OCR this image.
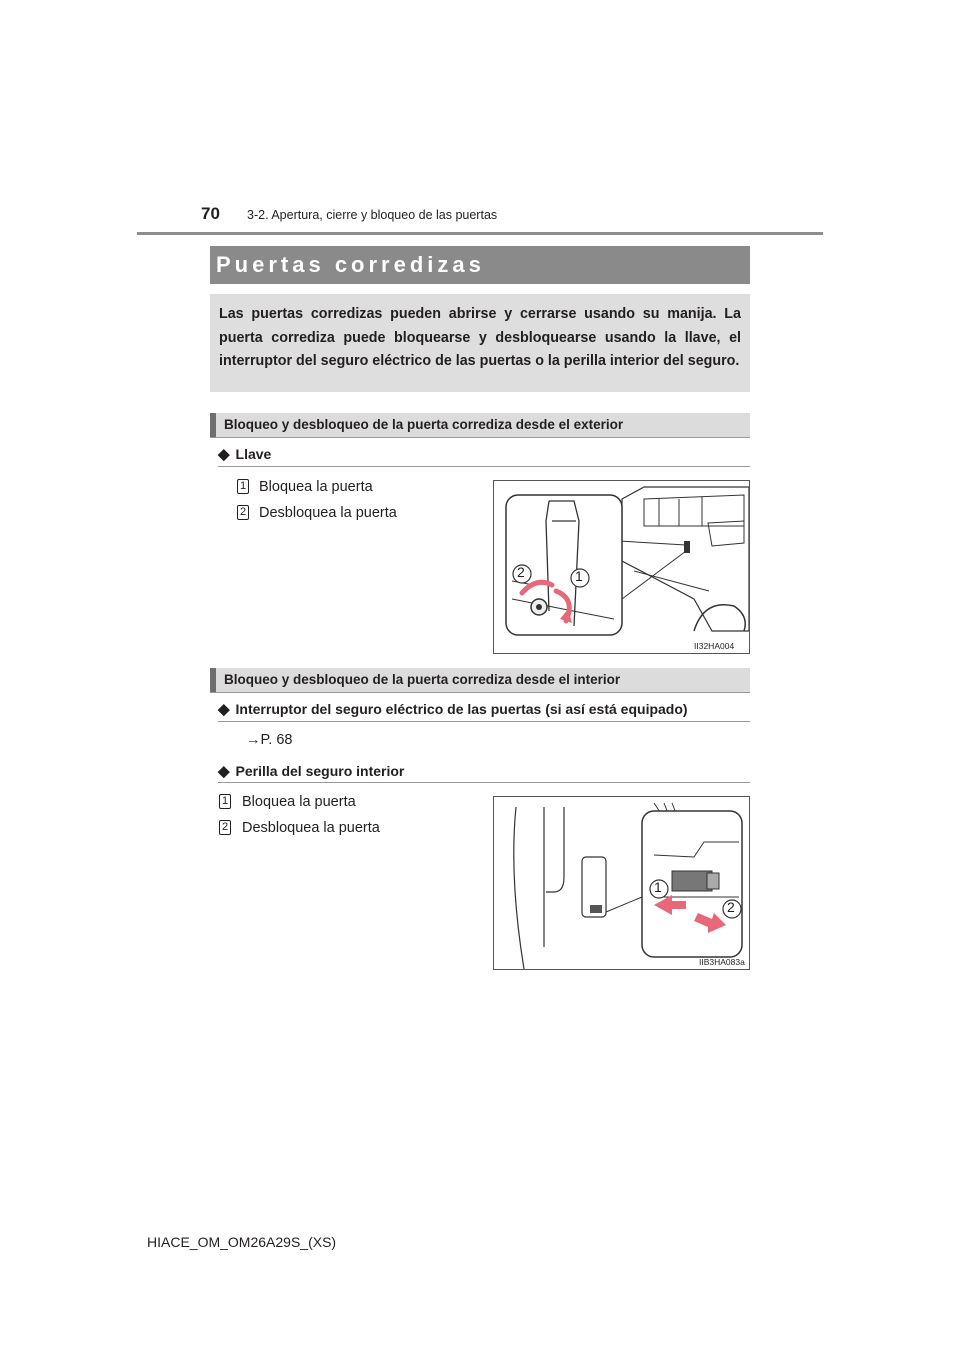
70 3-2. Apertura, cierre y bloqueo de las puertas
Puertas corredizas
Las puertas corredizas pueden abrirse y cerrarse usando su manija. La puerta corrediza puede bloquearse y desbloquearse usando la llave, el interruptor del seguro eléctrico de las puertas o la perilla interior del seguro.
Bloqueo y desbloqueo de la puerta corrediza desde el exterior
◆ Llave
1 Bloquea la puerta
2 Desbloquea la puerta
2	1
II32HA004
Bloqueo y desbloqueo de la puerta corrediza desde el interior
◆ Interruptor del seguro eléctrico de las puertas (si así está equipado)
→P. 68
◆ Perilla del seguro interior
1 Bloquea la puerta
2 Desbloquea la puerta
1
2
IIB3HA083a
HIACE_OM_OM26A29S_(XS)
